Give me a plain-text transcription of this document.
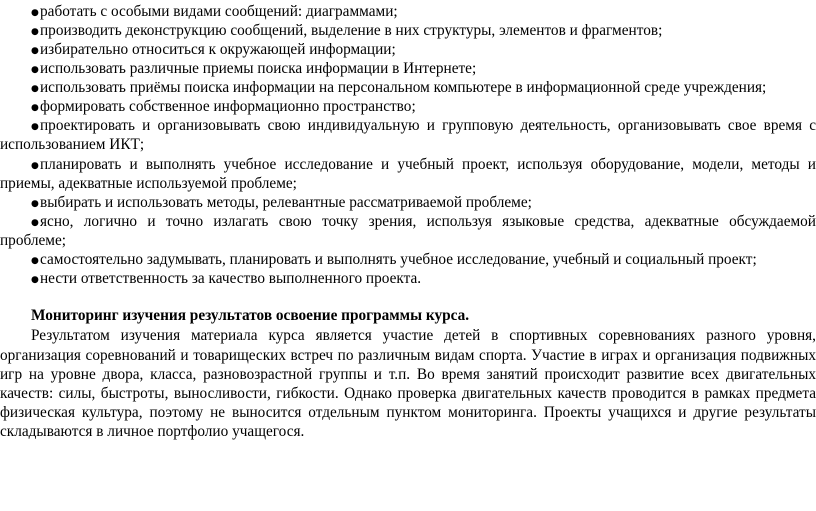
●работать с особыми видами сообщений: диаграммами;
●производить деконструкцию сообщений, выделение в них структуры, элементов и фрагментов;
●избирательно относиться к окружающей информации;
●использовать различные приемы поиска информации в Интернете;
●использовать приёмы поиска информации на персональном компьютере в информационной среде учреждения;
●формировать собственное информационно пространство;
●проектировать и организовывать свою индивидуальную и групповую деятельность, организовывать свое время с
использованием ИКТ;
●планировать и выполнять учебное исследование и учебный проект, используя оборудование, модели, методы и
приемы, адекватные используемой проблеме;
●выбирать и использовать методы, релевантные рассматриваемой проблеме;
●ясно, логично и точно излагать свою точку зрения, используя языковые средства, адекватные обсуждаемой
проблеме;
●самостоятельно задумывать, планировать и выполнять учебное исследование, учебный и социальный проект;
●нести ответственность за качество выполненного проекта.
Мониторинг изучения результатов освоение программы курса.
Результатом изучения материала курса является участие детей в спортивных соревнованиях разного уровня,
организация соревнований и товарищеских встреч по различным видам спорта. Участие в играх и организация подвижных
игр на уровне двора, класса, разновозрастной группы и т.п. Во время занятий происходит развитие всех двигательных
качеств: силы, быстроты, выносливости, гибкости. Однако проверка двигательных качеств проводится в рамках предмета
физическая культура, поэтому не выносится отдельным пунктом мониторинга. Проекты учащихся и другие результаты
складываются в личное портфолио учащегося.
